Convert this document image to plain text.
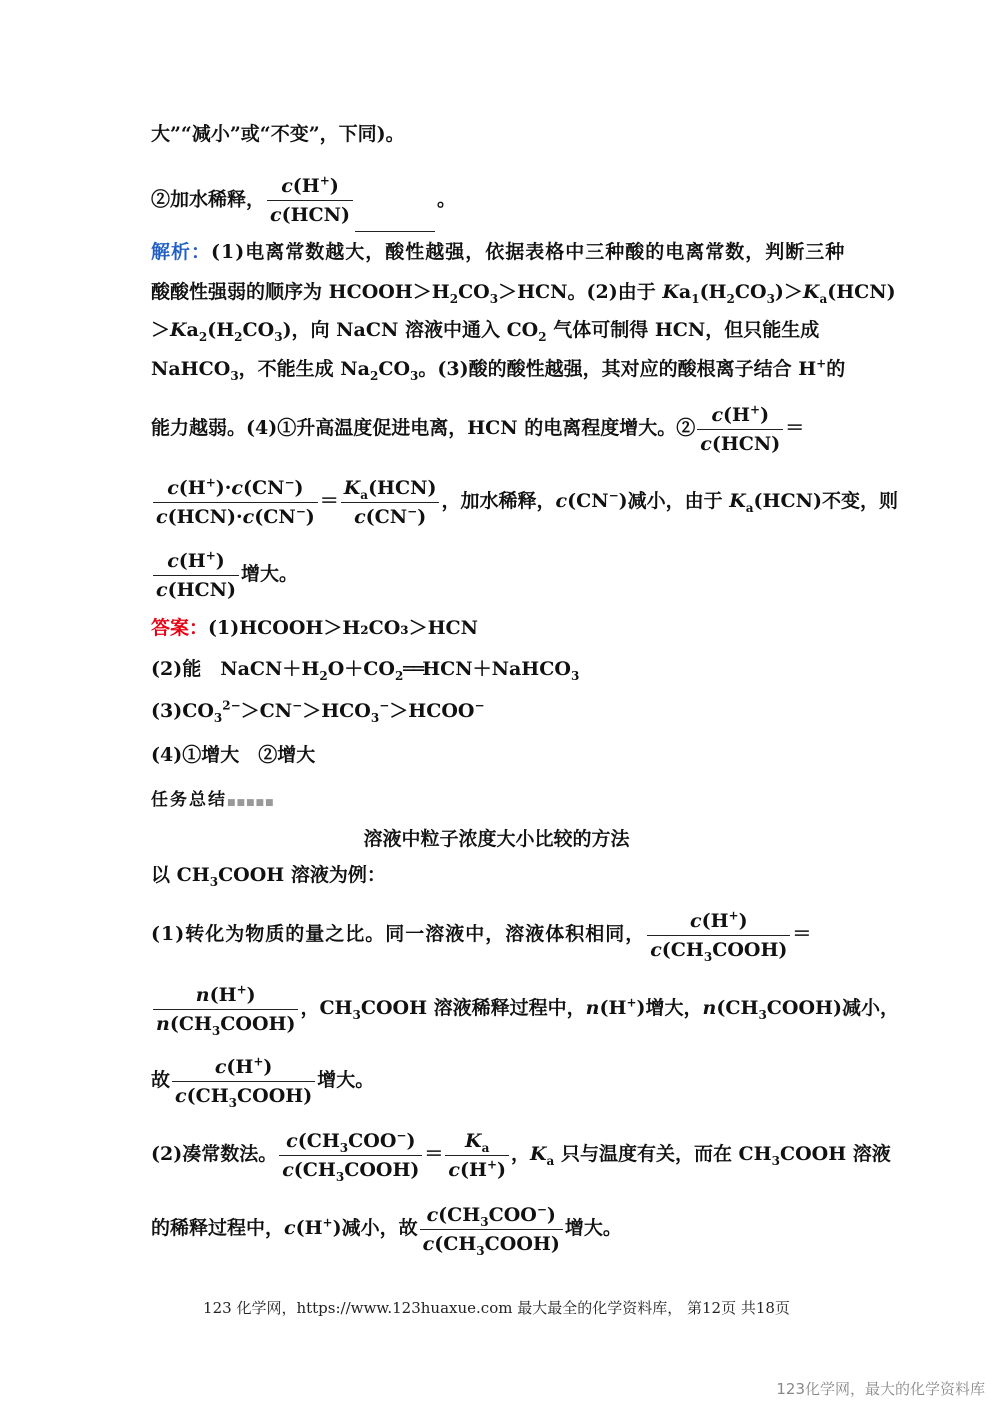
大”“减小”或“不变”，下同)。
②加水稀释， $\frac{c(H^+)}{\text{c(HCN)}}$	。
解析：(1)电离常数越大，酸性越强，依据表格中三种酸的电离常数，判断三种
酸酸性强弱的顺序为 $HCOOH>H_2CO_3>HCN$。(2)由于 $Ka_1(H_2CO_3)>K_a(HCN)$
$>Ka_2(H_2CO_3)$，向 NaCN 溶液中通入 $CO_2$ 气体可制得 HCN，但只能生成
NaHCO$_3$，不能生成 $Na_2CO_3$。(3)酸的酸性越强，其对应的酸根离子结合 H+的
能力越弱。(4)①升高温度促进电离，HCN 的电离程度增大。② $\frac{c(H^+)}{\text{c(HCN)}}$ ＝
$\frac{c(H^+)\cdot c(CN^-)}{c(HCN)\cdot c(CN^-)} = \frac{K_a(HCN)}{c(CN^-)}$ ，加水稀释，c(CN−)减小，由于 $K_a(HCN)$不变，则
$\frac{c(H^+)}{\text{c(HCN)}}$ 增大。
答案：(1)HCOOH＞H₂CO₃＞HCN
(2)能　 $NaCN+H_2O+CO_2══HCN+NaHCO_3$
$(3)CO_3^{2-}>CN^->HCO_3^->HCOO^-$
(4)①增大　②增大
任务总结■■■■■
溶液中粒子浓度大小比较的方法
以 $CH_3COOH$ 溶液为例：
(1)转化为物质的量之比。同一溶液中，溶液体积相同， $\frac{c(H^+)}{c(CH_3COOH)}$ ＝
$\frac{n(H^+)}{n(CH_3COOH)}$ ，$CH_3COOH$ 溶液稀释过程中，n(H+)增大，$n(CH_3COOH)$减小，
故 $\frac{c(H^+)}{c(CH_3COOH)}$ 增大。
(2)凑常数法。 $\frac{c(CH_3COO^-)}{c(CH_3COOH)} = \frac{K_a}{c(H^+)}$ ，$K_a$ 只与温度有关，而在 $CH_3COOH$ 溶液
的稀释过程中，c(H+)减小，故 $\frac{c(CH_3COO^-)}{c(CH_3COOH)}$ 增大。
123 化学网，https://www.123huaxue.com 最大最全的化学资料库， 第12页 共18页
123化学网，最大的化学资料库
